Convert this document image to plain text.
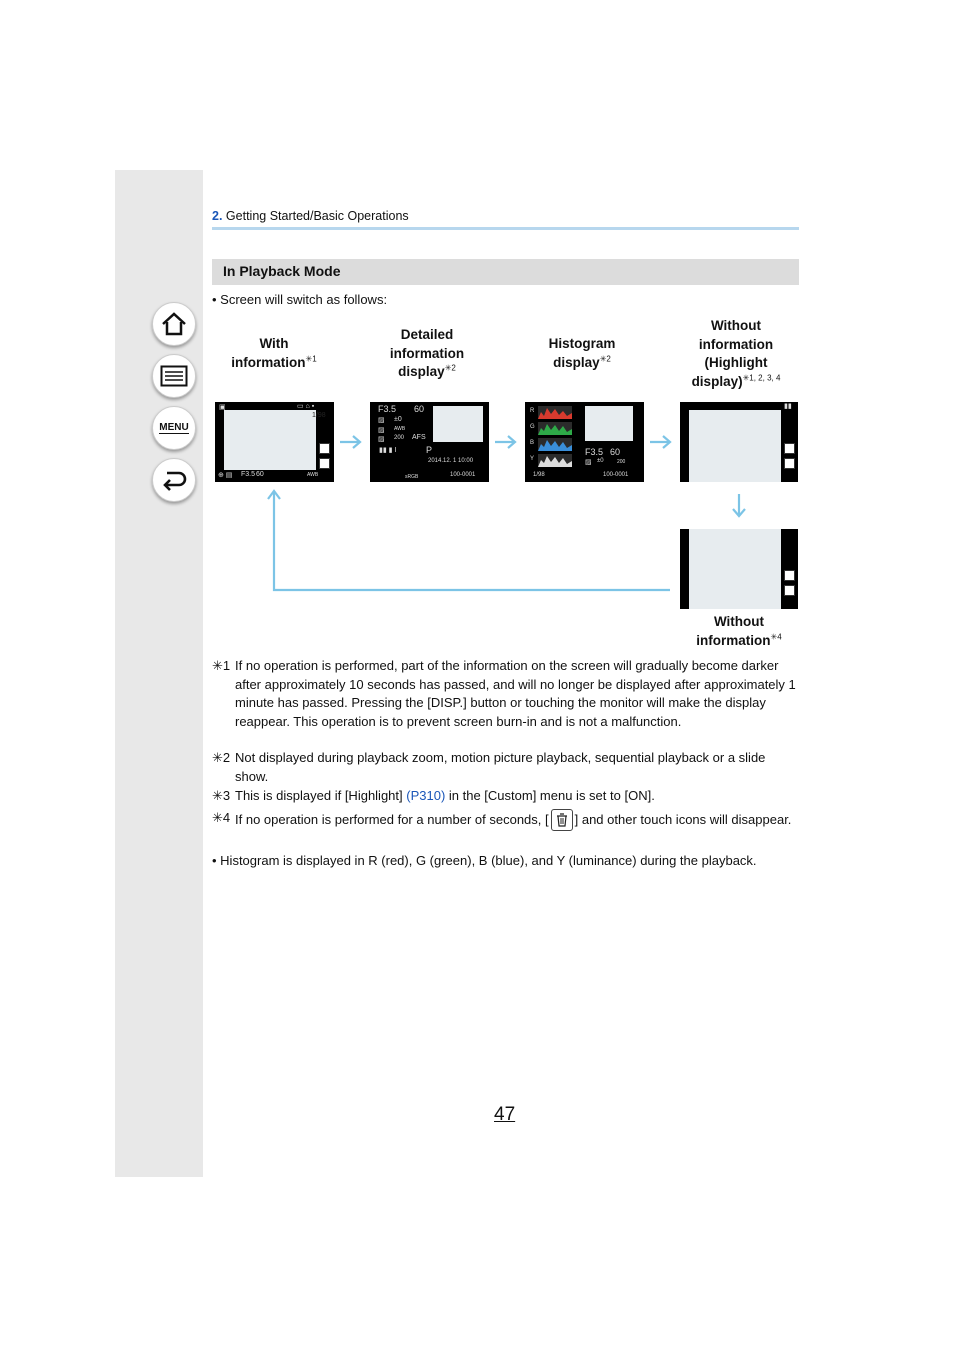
MENU
2. Getting Started/Basic Operations
In Playback Mode
• Screen will switch as follows:
With
information$^{✳1}$
Detailed
information
display$^{✳2}$
Histogram
display$^{✳2}$
Without
information
(Highlight
display)$^{✳1, 2, 3, 4}$
▣
1/98
▭ ⌂ ▪
⊕ ▤ F3.5 60	AWB
F3.5 60
▨ ±0
▨ AWB
▨ 200 AFS
P
▮▮ ▮ I
2014.12. 1 10:00
100-0001
sRGB
R
G
B
Y
F3.5 60
▨ ±0	200
1/98	100-0001
▮▮
Without
information$^{✳4}$
✳1 If no operation is performed, part of the information on the screen will gradually become darker after approximately 10 seconds has passed, and will no longer be displayed after approximately 1 minute has passed. Pressing the [DISP.] button or touching the monitor will make the display reappear. This operation is to prevent screen burn-in and is not a malfunction.
✳2 Not displayed during playback zoom, motion picture playback, sequential playback or a slide show.
✳3 This is displayed if [Highlight] (P310) in the [Custom] menu is set to [ON].
✳4 If no operation is performed for a number of seconds, [ ] and other touch icons will disappear.
• Histogram is displayed in R (red), G (green), B (blue), and Y (luminance) during the playback.
47
